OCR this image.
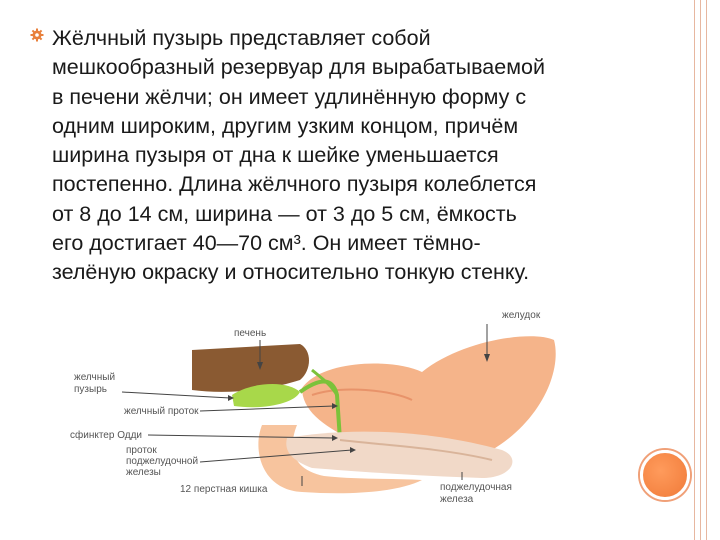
Жёлчный пузырь представляет собой
мешкообразный резервуар для вырабатываемой
в печени жёлчи; он имеет удлинённую форму с
одним широким, другим узким концом, причём
ширина пузыря от дна к шейке уменьшается
постепенно. Длина жёлчного пузыря колеблется
от 8 до 14 см, ширина — от 3 до 5 см, ёмкость
его достигает 40—70 см³. Он имеет тёмно-
зелёную окраску и относительно тонкую стенку.
желудок
печень
желчный
пузырь
желчный проток
сфинктер Одди
проток
поджелудочной
железы
12 перстная кишка	поджелудочная
железа
